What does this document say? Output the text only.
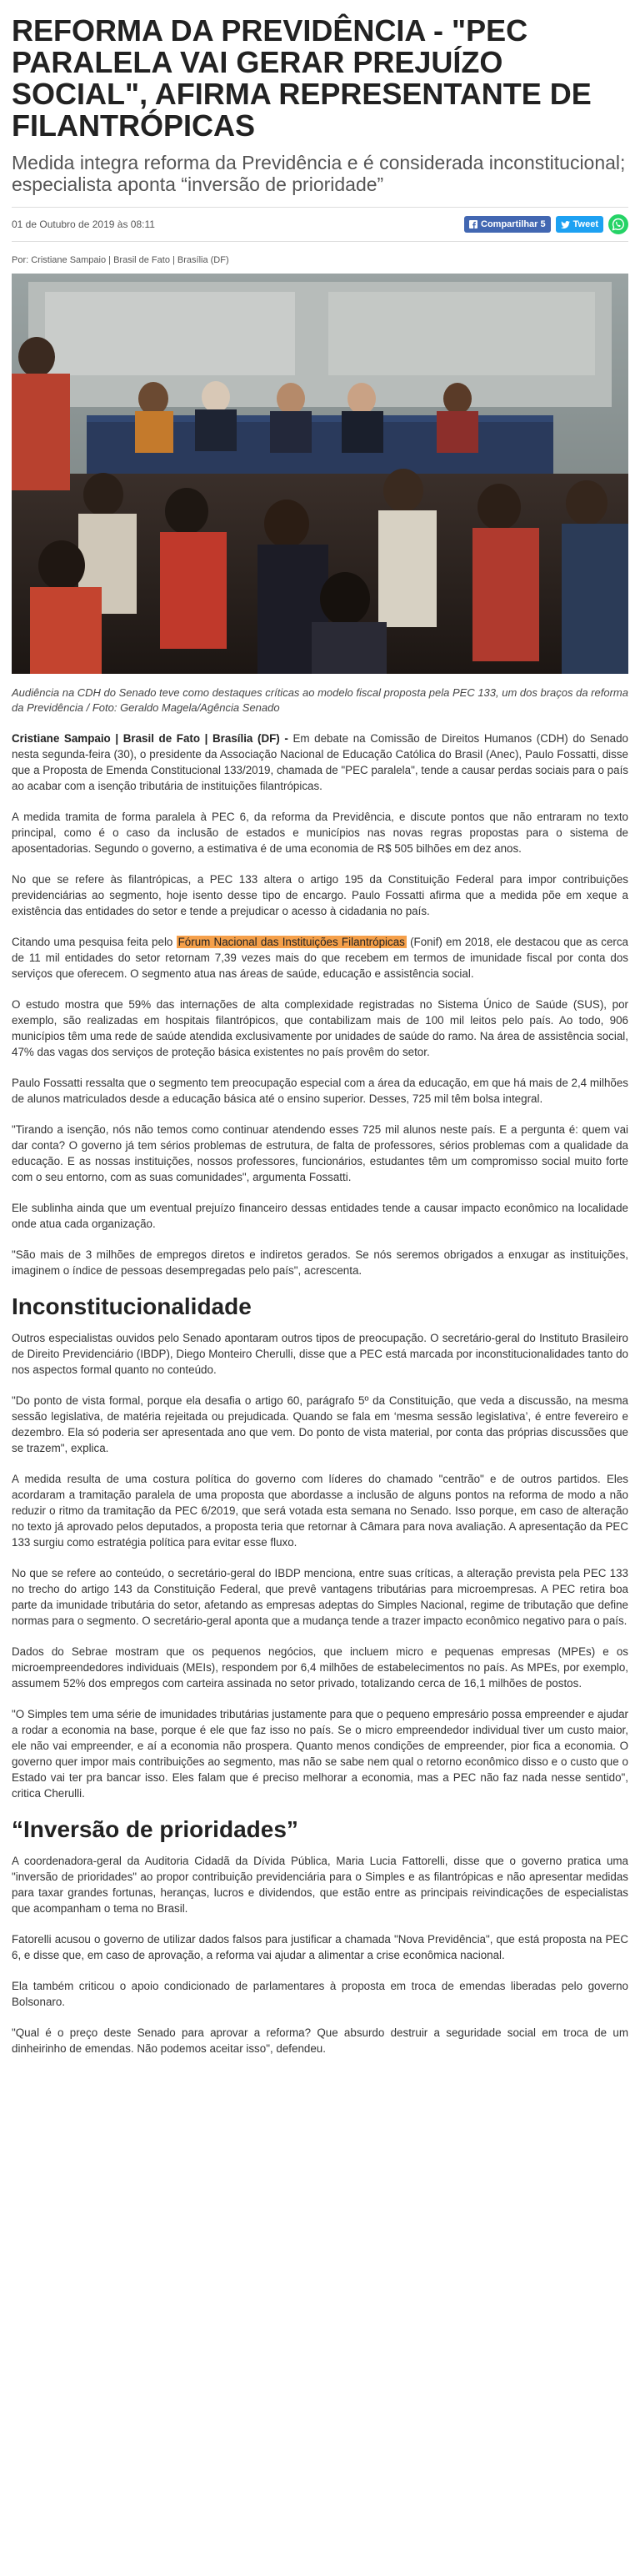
REFORMA DA PREVIDÊNCIA - "PEC PARALELA VAI GERAR PREJUÍZO SOCIAL", AFIRMA REPRESENTANTE DE FILANTRÓPICAS
Medida integra reforma da Previdência e é considerada inconstitucional; especialista aponta “inversão de prioridade”
01 de Outubro de 2019 às 08:11	Compartilhar 5	Tweet
Por: Cristiane Sampaio | Brasil de Fato | Brasília (DF)

Audiência na CDH do Senado teve como destaques críticas ao modelo fiscal proposta pela PEC 133, um dos braços da reforma da Previdência / Foto: Geraldo Magela/Agência Senado

Cristiane Sampaio | Brasil de Fato | Brasília (DF) - Em debate na Comissão de Direitos Humanos (CDH) do Senado nesta segunda-feira (30), o presidente da Associação Nacional de Educação Católica do Brasil (Anec), Paulo Fossatti, disse que a Proposta de Emenda Constitucional 133/2019, chamada de "PEC paralela", tende a causar perdas sociais para o país ao acabar com a isenção tributária de instituições filantrópicas.

A medida tramita de forma paralela à PEC 6, da reforma da Previdência, e discute pontos que não entraram no texto principal, como é o caso da inclusão de estados e municípios nas novas regras propostas para o sistema de aposentadorias. Segundo o governo, a estimativa é de uma economia de R$ 505 bilhões em dez anos.

No que se refere às filantrópicas, a PEC 133 altera o artigo 195 da Constituição Federal para impor contribuições previdenciárias ao segmento, hoje isento desse tipo de encargo. Paulo Fossatti afirma que a medida põe em xeque a existência das entidades do setor e tende a prejudicar o acesso à cidadania no país.

Citando uma pesquisa feita pelo Fórum Nacional das Instituições Filantrópicas (Fonif) em 2018, ele destacou que as cerca de 11 mil entidades do setor retornam 7,39 vezes mais do que recebem em termos de imunidade fiscal por conta dos serviços que oferecem. O segmento atua nas áreas de saúde, educação e assistência social.

O estudo mostra que 59% das internações de alta complexidade registradas no Sistema Único de Saúde (SUS), por exemplo, são realizadas em hospitais filantrópicos, que contabilizam mais de 100 mil leitos pelo país. Ao todo, 906 municípios têm uma rede de saúde atendida exclusivamente por unidades de saúde do ramo. Na área de assistência social, 47% das vagas dos serviços de proteção básica existentes no país provêm do setor.

Paulo Fossatti ressalta que o segmento tem preocupação especial com a área da educação, em que há mais de 2,4 milhões de alunos matriculados desde a educação básica até o ensino superior. Desses, 725 mil têm bolsa integral.

"Tirando a isenção, nós não temos como continuar atendendo esses 725 mil alunos neste país. E a pergunta é: quem vai dar conta? O governo já tem sérios problemas de estrutura, de falta de professores, sérios problemas com a qualidade da educação. E as nossas instituições, nossos professores, funcionários, estudantes têm um compromisso social muito forte com o seu entorno, com as suas comunidades", argumenta Fossatti.

Ele sublinha ainda que um eventual prejuízo financeiro dessas entidades tende a causar impacto econômico na localidade onde atua cada organização.

"São mais de 3 milhões de empregos diretos e indiretos gerados. Se nós seremos obrigados a enxugar as instituições, imaginem o índice de pessoas desempregadas pelo país", acrescenta.

Inconstitucionalidade

Outros especialistas ouvidos pelo Senado apontaram outros tipos de preocupação. O secretário-geral do Instituto Brasileiro de Direito Previdenciário (IBDP), Diego Monteiro Cherulli, disse que a PEC está marcada por inconstitucionalidades tanto do nos aspectos formal quanto no conteúdo.

"Do ponto de vista formal, porque ela desafia o artigo 60, parágrafo 5º da Constituição, que veda a discussão, na mesma sessão legislativa, de matéria rejeitada ou prejudicada. Quando se fala em ‘mesma sessão legislativa’, é entre fevereiro e dezembro. Ela só poderia ser apresentada ano que vem. Do ponto de vista material, por conta das próprias discussões que se trazem", explica.

A medida resulta de uma costura política do governo com líderes do chamado "centrão" e de outros partidos. Eles acordaram a tramitação paralela de uma proposta que abordasse a inclusão de alguns pontos na reforma de modo a não reduzir o ritmo da tramitação da PEC 6/2019, que será votada esta semana no Senado. Isso porque, em caso de alteração no texto já aprovado pelos deputados, a proposta teria que retornar à Câmara para nova avaliação. A apresentação da PEC 133 surgiu como estratégia política para evitar esse fluxo.

No que se refere ao conteúdo, o secretário-geral do IBDP menciona, entre suas críticas, a alteração prevista pela PEC 133 no trecho do artigo 143 da Constituição Federal, que prevê vantagens tributárias para microempresas. A PEC retira boa parte da imunidade tributária do setor, afetando as empresas adeptas do Simples Nacional, regime de tributação que define normas para o segmento. O secretário-geral aponta que a mudança tende a trazer impacto econômico negativo para o país.

Dados do Sebrae mostram que os pequenos negócios, que incluem micro e pequenas empresas (MPEs) e os microempreendedores individuais (MEIs), respondem por 6,4 milhões de estabelecimentos no país. As MPEs, por exemplo, assumem 52% dos empregos com carteira assinada no setor privado, totalizando cerca de 16,1 milhões de postos.

"O Simples tem uma série de imunidades tributárias justamente para que o pequeno empresário possa empreender e ajudar a rodar a economia na base, porque é ele que faz isso no país. Se o micro empreendedor individual tiver um custo maior, ele não vai empreender, e aí a economia não prospera. Quanto menos condições de empreender, pior fica a economia. O governo quer impor mais contribuições ao segmento, mas não se sabe nem qual o retorno econômico disso e o custo que o Estado vai ter pra bancar isso. Eles falam que é preciso melhorar a economia, mas a PEC não faz nada nesse sentido", critica Cherulli.

“Inversão de prioridades”

A coordenadora-geral da Auditoria Cidadã da Dívida Pública, Maria Lucia Fattorelli, disse que o governo pratica uma "inversão de prioridades" ao propor contribuição previdenciária para o Simples e as filantrópicas e não apresentar medidas para taxar grandes fortunas, heranças, lucros e dividendos, que estão entre as principais reivindicações de especialistas que acompanham o tema no Brasil.

Fatorelli acusou o governo de utilizar dados falsos para justificar a chamada "Nova Previdência", que está proposta na PEC 6, e disse que, em caso de aprovação, a reforma vai ajudar a alimentar a crise econômica nacional.

Ela também criticou o apoio condicionado de parlamentares à proposta em troca de emendas liberadas pelo governo Bolsonaro.

"Qual é o preço deste Senado para aprovar a reforma? Que absurdo destruir a seguridade social em troca de um dinheirinho de emendas. Não podemos aceitar isso", defendeu.
